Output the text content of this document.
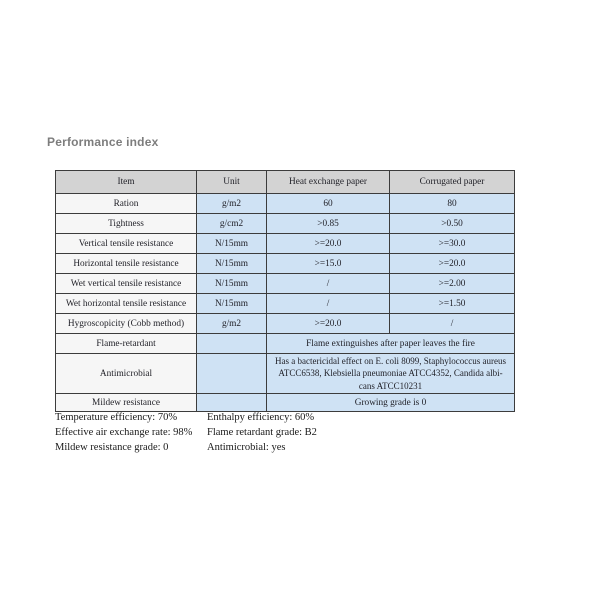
Performance index
Item	Unit	Heat exchange paper	Corrugated paper
Ration	g/m2	60	80
Tightness	g/cm2	>0.85	>0.50
Vertical tensile resistance	N/15mm	>=20.0	>=30.0
Horizontal tensile resistance	N/15mm	>=15.0	>=20.0
Wet vertical tensile resistance	N/15mm	/	>=2.00
Wet horizontal tensile resistance	N/15mm	/	>=1.50
Hygroscopicity (Cobb method)	g/m2	>=20.0	/
Flame-retardant		Flame extinguishes after paper leaves the fire	
Antimicrobial		Has a bactericidal effect on E. coli 8099, Staphylococcus aureus
ATCC6538, Klebsiella pneumoniae ATCC4352, Candida albi-
cans ATCC10231	

Mildew resistance		Growing grade is 0	
Temperature efficiency: 70%	Enthalpy efficiency: 60%
Effective air exchange rate: 98%	Flame retardant grade: B2
Mildew resistance grade: 0	Antimicrobial: yes
